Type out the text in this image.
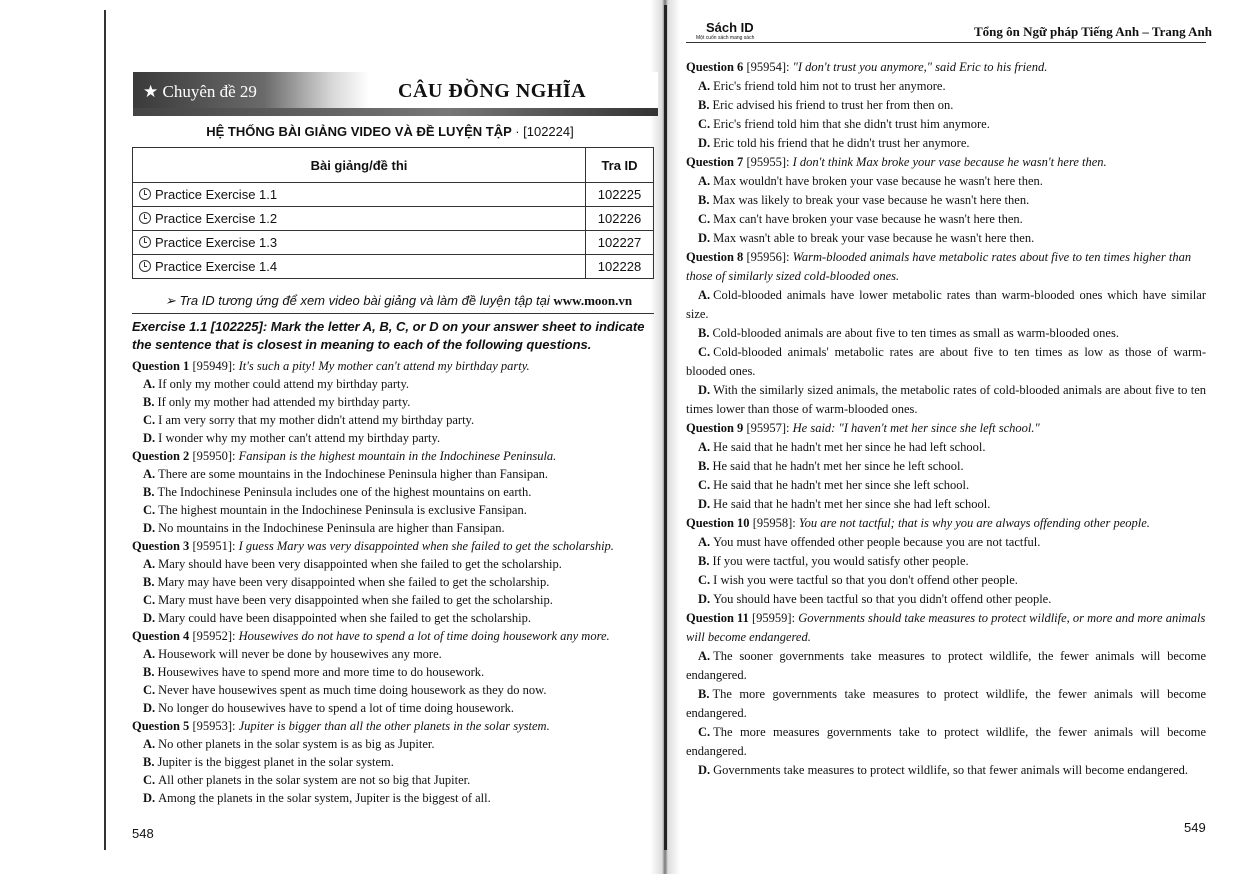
★ Chuyên đề 29	CÂU ĐỒNG NGHĨA
HỆ THỐNG BÀI GIẢNG VIDEO VÀ ĐỀ LUYỆN TẬP · [102224]
Bài giảng/đề thi	Tra ID
Practice Exercise 1.1	102225
Practice Exercise 1.2	102226
Practice Exercise 1.3	102227
Practice Exercise 1.4	102228
➢ Tra ID tương ứng để xem video bài giảng và làm đề luyện tập tại www.moon.vn
Exercise 1.1 [102225]: Mark the letter A, B, C, or D on your answer sheet to indicate the sentence that is closest in meaning to each of the following questions.
Question 1 [95949]: It's such a pity! My mother can't attend my birthday party.
A. If only my mother could attend my birthday party.
B. If only my mother had attended my birthday party.
C. I am very sorry that my mother didn't attend my birthday party.
D. I wonder why my mother can't attend my birthday party.
Question 2 [95950]: Fansipan is the highest mountain in the Indochinese Peninsula.
A. There are some mountains in the Indochinese Peninsula higher than Fansipan.
B. The Indochinese Peninsula includes one of the highest mountains on earth.
C. The highest mountain in the Indochinese Peninsula is exclusive Fansipan.
D. No mountains in the Indochinese Peninsula are higher than Fansipan.
Question 3 [95951]: I guess Mary was very disappointed when she failed to get the scholarship.
A. Mary should have been very disappointed when she failed to get the scholarship.
B. Mary may have been very disappointed when she failed to get the scholarship.
C. Mary must have been very disappointed when she failed to get the scholarship.
D. Mary could have been disappointed when she failed to get the scholarship.
Question 4 [95952]: Housewives do not have to spend a lot of time doing housework any more.
A. Housework will never be done by housewives any more.
B. Housewives have to spend more and more time to do housework.
C. Never have housewives spent as much time doing housework as they do now.
D. No longer do housewives have to spend a lot of time doing housework.
Question 5 [95953]: Jupiter is bigger than all the other planets in the solar system.
A. No other planets in the solar system is as big as Jupiter.
B. Jupiter is the biggest planet in the solar system.
C. All other planets in the solar system are not so big that Jupiter.
D. Among the planets in the solar system, Jupiter is the biggest of all.
548
Sách ID
Một cuốn sách mang sách	Tổng ôn Ngữ pháp Tiếng Anh – Trang Anh
Question 6 [95954]: "I don't trust you anymore," said Eric to his friend.
A. Eric's friend told him not to trust her anymore.
B. Eric advised his friend to trust her from then on.
C. Eric's friend told him that she didn't trust him anymore.
D. Eric told his friend that he didn't trust her anymore.
Question 7 [95955]: I don't think Max broke your vase because he wasn't here then.
A. Max wouldn't have broken your vase because he wasn't here then.
B. Max was likely to break your vase because he wasn't here then.
C. Max can't have broken your vase because he wasn't here then.
D. Max wasn't able to break your vase because he wasn't here then.
Question 8 [95956]: Warm-blooded animals have metabolic rates about five to ten times higher than those of similarly sized cold-blooded ones.
A. Cold-blooded animals have lower metabolic rates than warm-blooded ones which have similar size.
B. Cold-blooded animals are about five to ten times as small as warm-blooded ones.
C. Cold-blooded animals' metabolic rates are about five to ten times as low as those of warm-blooded ones.
D. With the similarly sized animals, the metabolic rates of cold-blooded animals are about five to ten times lower than those of warm-blooded ones.
Question 9 [95957]: He said: "I haven't met her since she left school."
A. He said that he hadn't met her since he had left school.
B. He said that he hadn't met her since he left school.
C. He said that he hadn't met her since she left school.
D. He said that he hadn't met her since she had left school.
Question 10 [95958]: You are not tactful; that is why you are always offending other people.
A. You must have offended other people because you are not tactful.
B. If you were tactful, you would satisfy other people.
C. I wish you were tactful so that you don't offend other people.
D. You should have been tactful so that you didn't offend other people.
Question 11 [95959]: Governments should take measures to protect wildlife, or more and more animals will become endangered.
A. The sooner governments take measures to protect wildlife, the fewer animals will become endangered.
B. The more governments take measures to protect wildlife, the fewer animals will become endangered.
C. The more measures governments take to protect wildlife, the fewer animals will become endangered.
D. Governments take measures to protect wildlife, so that fewer animals will become endangered.
549
